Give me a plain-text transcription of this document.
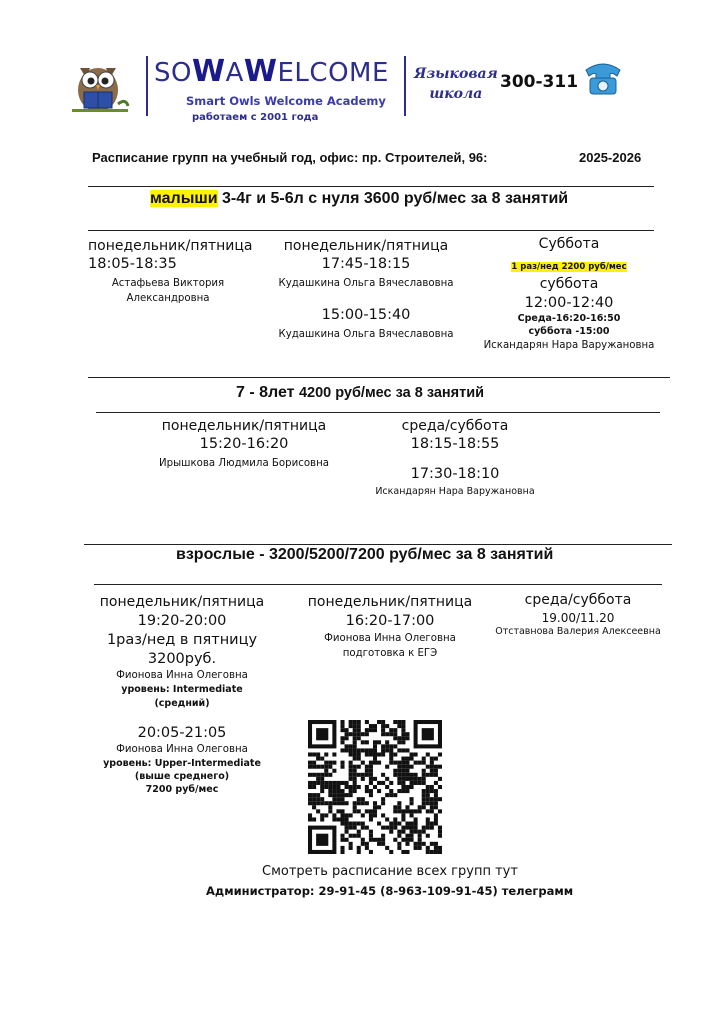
SOWAWELCOME
Smart Owls Welcome Academy
работаем с 2001 года
Языковая
школа
300-311
Расписание групп на учебный год, офис: пр. Строителей, 96:	2025-2026
малыши 3-4г и 5-6л с нуля 3600 руб/мес за 8 занятий
понедельник/пятница
18:05-18:35
Астафьева Виктория Александровна
понедельник/пятница
17:45-18:15
Кудашкина Ольга Вячеславовна
15:00-15:40
Кудашкина Ольга Вячеславовна
Суббота
1 раз/нед 2200 руб/мес
суббота
12:00-12:40
Среда-16:20-16:50
суббота -15:00
Искандарян Нара Варужановна
7 - 8лет 4200 руб/мес за 8 занятий
понедельник/пятница
15:20-16:20
Ирышкова Людмила Борисовна
среда/суббота
18:15-18:55
17:30-18:10
Искандарян Нара Варужановна
взрослые - 3200/5200/7200 руб/мес за 8 занятий
понедельник/пятница
19:20-20:00
1раз/нед в пятницу
3200руб.
Фионова Инна Олеговна
уровень: Intermediate
(средний)
20:05-21:05
Фионова Инна Олеговна
уровень: Upper-Intermediate
(выше среднего)
7200 руб/мес
понедельник/пятница
16:20-17:00
Фионова Инна Олеговна
подготовка к ЕГЭ
среда/суббота
19.00/11.20
Отставнова Валерия Алексеевна
Смотреть расписание всех групп тут
Администратор: 29-91-45 (8-963-109-91-45) телеграмм
